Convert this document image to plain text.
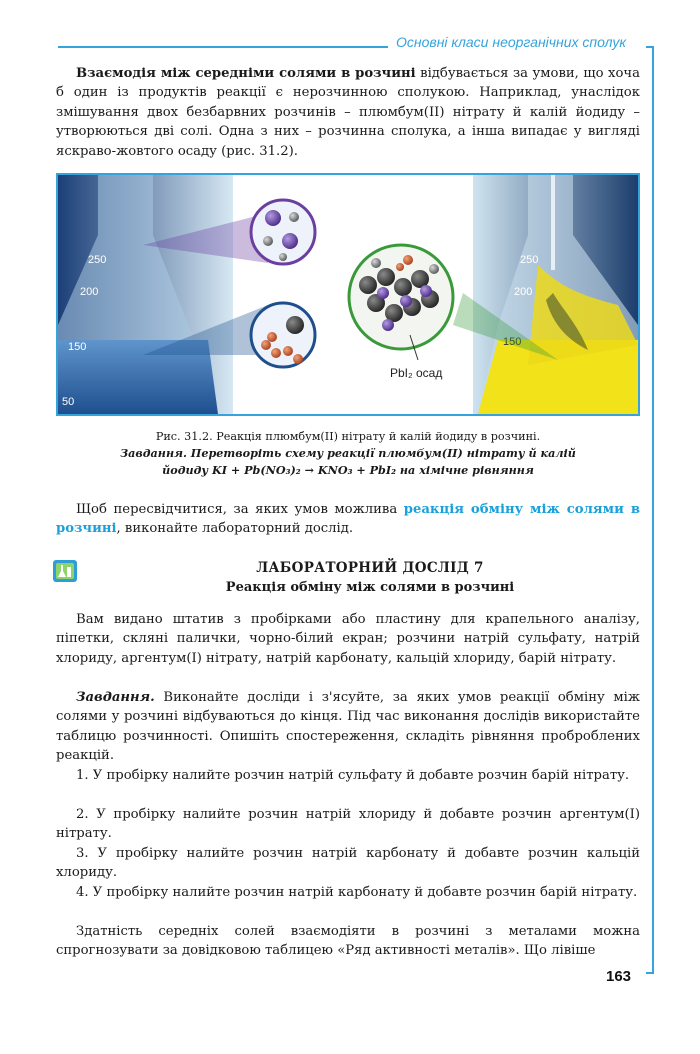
Основні класи неорганічних сполук

Взаємодія між середніми солями в розчині відбувається за умови, що хоча б один із продуктів реакції є нерозчинною сполукою. Наприклад, унаслідок змішування двох безбарвних розчинів – плюмбум(ІІ) нітрату й калій йодиду – утворюються дві солі. Одна з них – розчинна сполука, а інша випадає у вигляді яскраво-жовтого осаду (рис. 31.2).

250
200
150
50
250
200
150
PbI₂ осад
Рис. 31.2. Реакція плюмбум(ІІ) нітрату й калій йодиду в розчині.
Завдання. Перетворіть схему реакції плюмбум(ІІ) нітрату й калій
йодиду KI + Pb(NO₃)₂ → KNO₃ + PbI₂ на хімічне рівняння

Щоб пересвідчитися, за яких умов можлива реакція обміну між солями в розчині, виконайте лабораторний дослід.

ЛАБОРАТОРНИЙ ДОСЛІД 7
Реакція обміну між солями в розчині

Вам видано штатив з пробірками або пластину для крапельного аналізу, піпетки, скляні палички, чорно-білий екран; розчини натрій сульфату, натрій хлориду, аргентум(І) нітрату, натрій карбонату, кальцій хлориду, барій нітрату.

Завдання. Виконайте досліди і з'ясуйте, за яких умов реакції обміну між солями у розчині відбуваються до кінця. Під час виконання дослідів використайте таблицю розчинності. Опишіть спостереження, складіть рівняння проброблених реакцій.

1. У пробірку налийте розчин натрій сульфату й добавте розчин барій нітрату.

2. У пробірку налийте розчин натрій хлориду й добавте розчин аргентум(І) нітрату.

3. У пробірку налийте розчин натрій карбонату й добавте розчин кальцій хлориду.

4. У пробірку налийте розчин натрій карбонату й добавте розчин барій нітрату.

Здатність середніх солей взаємодіяти в розчині з металами можна спрогнозувати за довідковою таблицею «Ряд активності металів». Що лівіше

163
